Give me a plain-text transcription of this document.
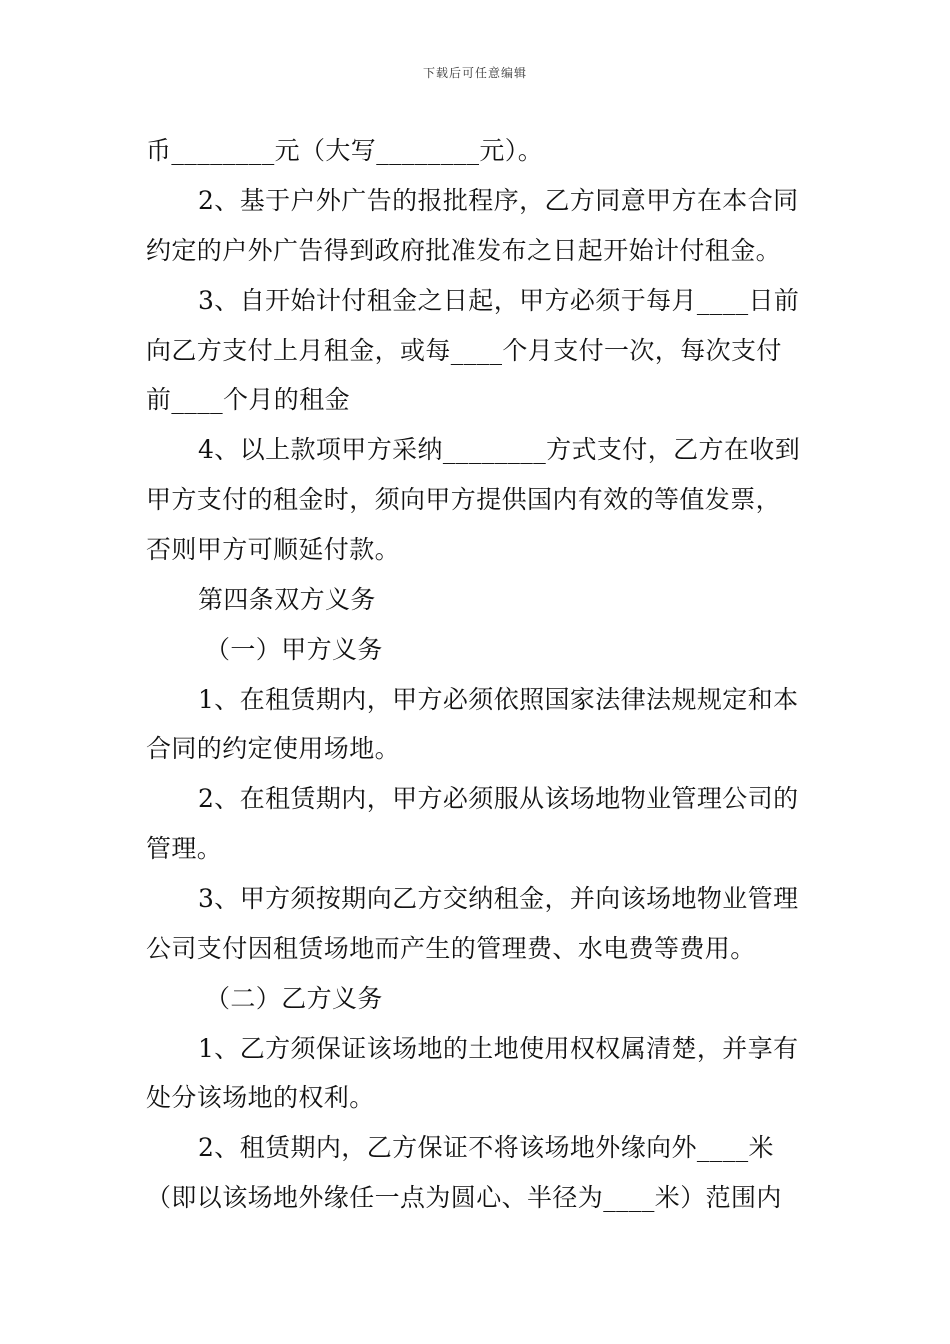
下载后可任意编辑
币________元（大写________元）。
2、基于户外广告的报批程序，乙方同意甲方在本合同
约定的户外广告得到政府批准发布之日起开始计付租金。
3、自开始计付租金之日起，甲方必须于每月____日前
向乙方支付上月租金，或每____个月支付一次，每次支付
前____个月的租金
4、以上款项甲方采纳________方式支付，乙方在收到
甲方支付的租金时，须向甲方提供国内有效的等值发票，
否则甲方可顺延付款。
第四条双方义务
（一）甲方义务
1、在租赁期内，甲方必须依照国家法律法规规定和本
合同的约定使用场地。
2、在租赁期内，甲方必须服从该场地物业管理公司的
管理。
3、甲方须按期向乙方交纳租金，并向该场地物业管理
公司支付因租赁场地而产生的管理费、水电费等费用。
（二）乙方义务
1、乙方须保证该场地的土地使用权权属清楚，并享有
处分该场地的权利。
2、租赁期内，乙方保证不将该场地外缘向外____米
（即以该场地外缘任一点为圆心、半径为____米）范围内
